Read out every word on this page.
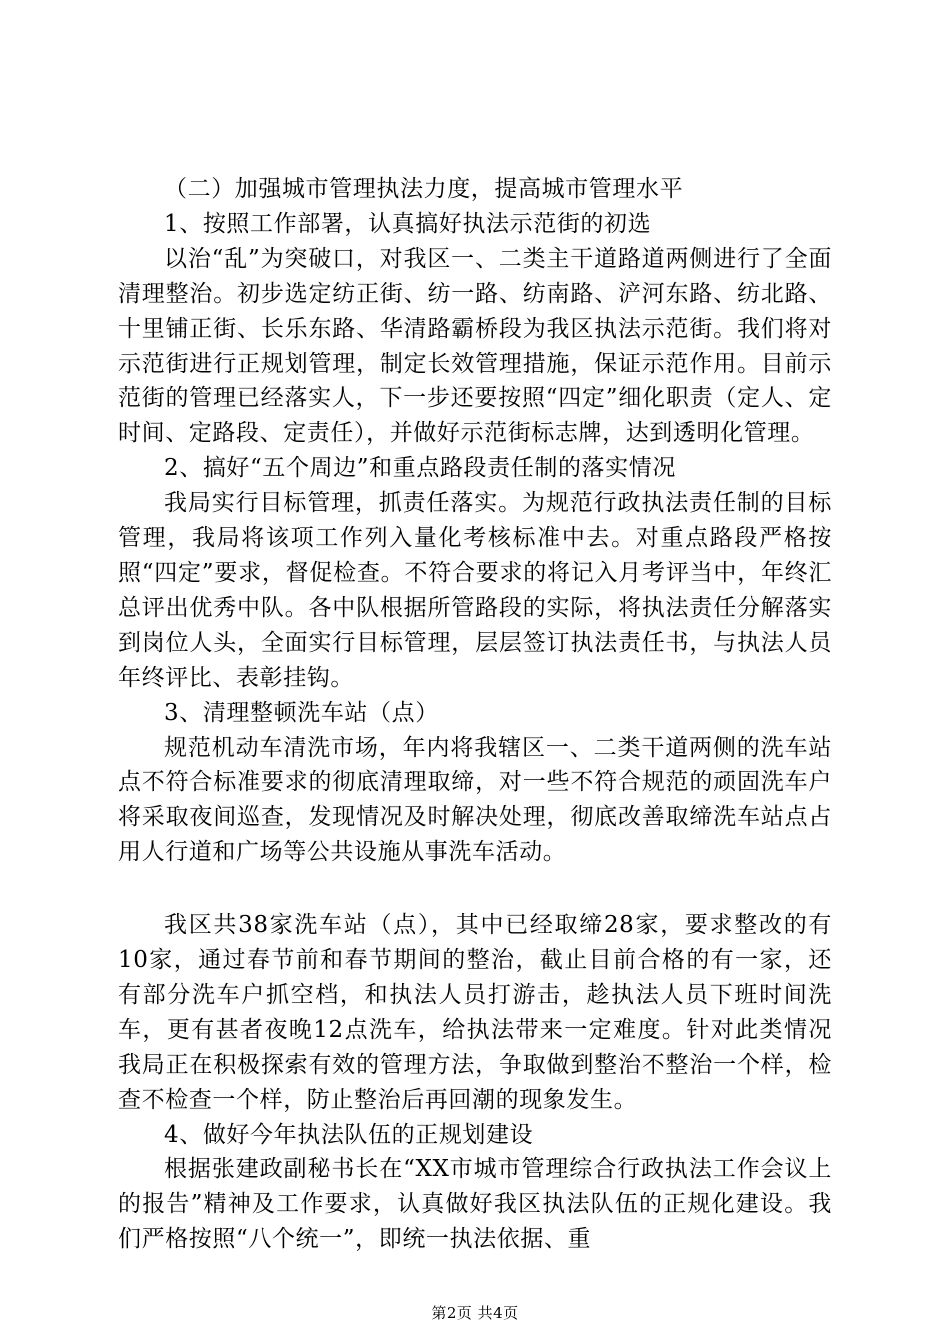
（二）加强城市管理执法力度，提高城市管理水平

1、按照工作部署，认真搞好执法示范街的初选

以治“乱”为突破口，对我区一、二类主干道路道两侧进行了全面清理整治。初步选定纺正街、纺一路、纺南路、浐河东路、纺北路、十里铺正街、长乐东路、华清路霸桥段为我区执法示范街。我们将对示范街进行正规划管理，制定长效管理措施，保证示范作用。目前示范街的管理已经落实人，下一步还要按照“四定”细化职责（定人、定时间、定路段、定责任），并做好示范街标志牌，达到透明化管理。

2、搞好“五个周边”和重点路段责任制的落实情况

我局实行目标管理，抓责任落实。为规范行政执法责任制的目标管理，我局将该项工作列入量化考核标准中去。对重点路段严格按照“四定”要求，督促检查。不符合要求的将记入月考评当中，年终汇总评出优秀中队。各中队根据所管路段的实际，将执法责任分解落实到岗位人头，全面实行目标管理，层层签订执法责任书，与执法人员年终评比、表彰挂钩。

3、清理整顿洗车站（点）

规范机动车清洗市场，年内将我辖区一、二类干道两侧的洗车站点不符合标准要求的彻底清理取缔，对一些不符合规范的顽固洗车户将采取夜间巡查，发现情况及时解决处理，彻底改善取缔洗车站点占用人行道和广场等公共设施从事洗车活动。

我区共38家洗车站（点），其中已经取缔28家，要求整改的有10家，通过春节前和春节期间的整治，截止目前合格的有一家，还有部分洗车户抓空档，和执法人员打游击，趁执法人员下班时间洗车，更有甚者夜晚12点洗车，给执法带来一定难度。针对此类情况我局正在积极探索有效的管理方法，争取做到整治不整治一个样，检查不检查一个样，防止整治后再回潮的现象发生。

4、做好今年执法队伍的正规划建设

根据张建政副秘书长在“XX市城市管理综合行政执法工作会议上的报告”精神及工作要求，认真做好我区执法队伍的正规化建设。我们严格按照“八个统一”，即统一执法依据、重

第2页 共4页
